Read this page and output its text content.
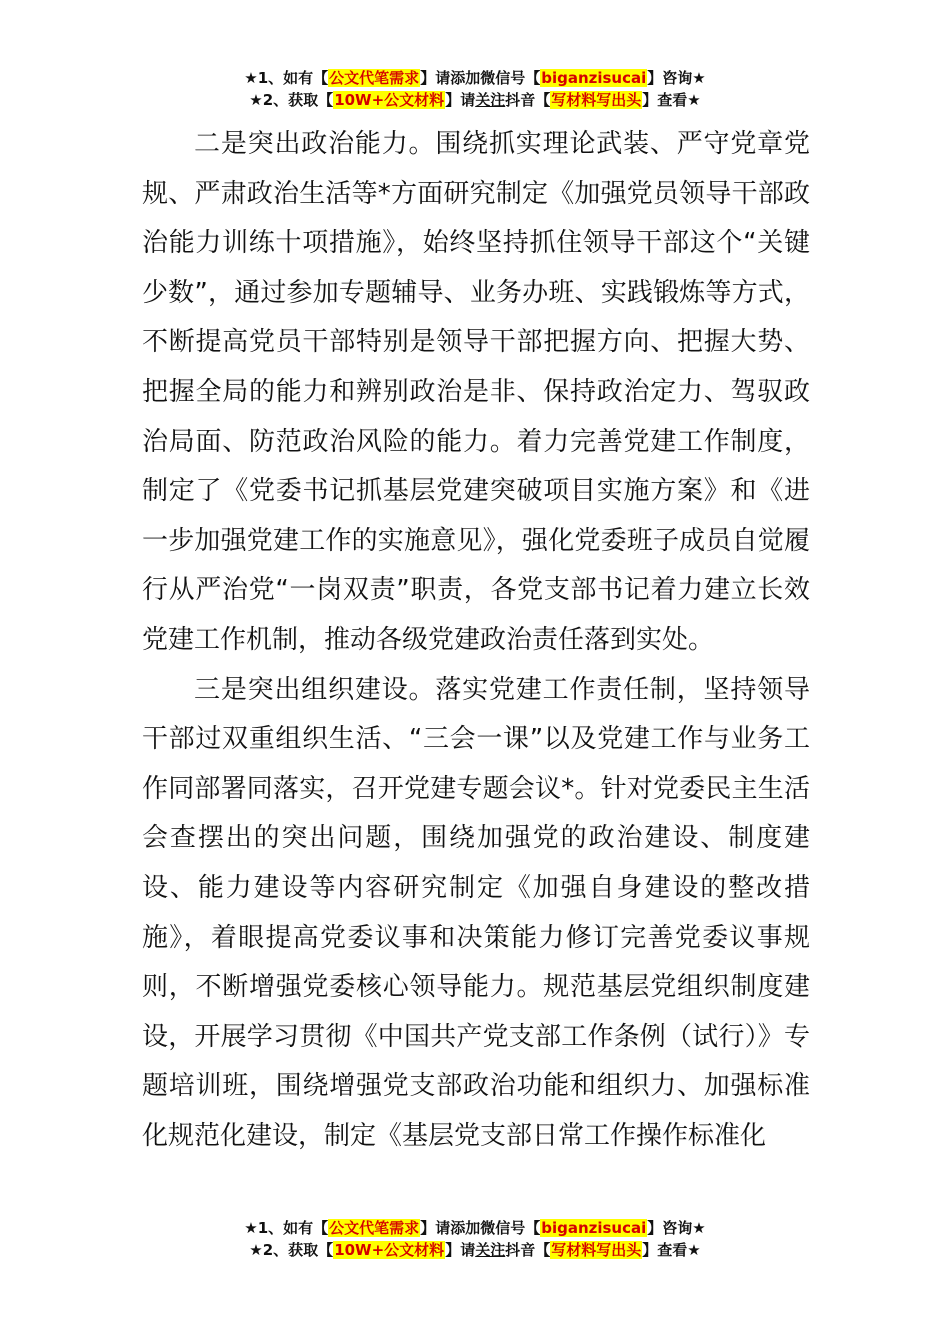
★1、如有【公文代笔需求】请添加微信号【biganzisucai】咨询★
★2、获取【10W+公文材料】请关注抖音【写材料写出头】查看★

二是突出政治能力。围绕抓实理论武装、严守党章党规、严肃政治生活等*方面研究制定《加强党员领导干部政治能力训练十项措施》，始终坚持抓住领导干部这个“关键少数”，通过参加专题辅导、业务办班、实践锻炼等方式，不断提高党员干部特别是领导干部把握方向、把握大势、把握全局的能力和辨别政治是非、保持政治定力、驾驭政治局面、防范政治风险的能力。着力完善党建工作制度，制定了《党委书记抓基层党建突破项目实施方案》和《进一步加强党建工作的实施意见》，强化党委班子成员自觉履行从严治党“一岗双责”职责，各党支部书记着力建立长效党建工作机制，推动各级党建政治责任落到实处。

三是突出组织建设。落实党建工作责任制，坚持领导干部过双重组织生活、“三会一课”以及党建工作与业务工作同部署同落实，召开党建专题会议*。针对党委民主生活会查摆出的突出问题，围绕加强党的政治建设、制度建设、能力建设等内容研究制定《加强自身建设的整改措施》，着眼提高党委议事和决策能力修订完善党委议事规则，不断增强党委核心领导能力。规范基层党组织制度建设，开展学习贯彻《中国共产党支部工作条例（试行）》专题培训班，围绕增强党支部政治功能和组织力、加强标准化规范化建设，制定《基层党支部日常工作操作标准化

★1、如有【公文代笔需求】请添加微信号【biganzisucai】咨询★
★2、获取【10W+公文材料】请关注抖音【写材料写出头】查看★
